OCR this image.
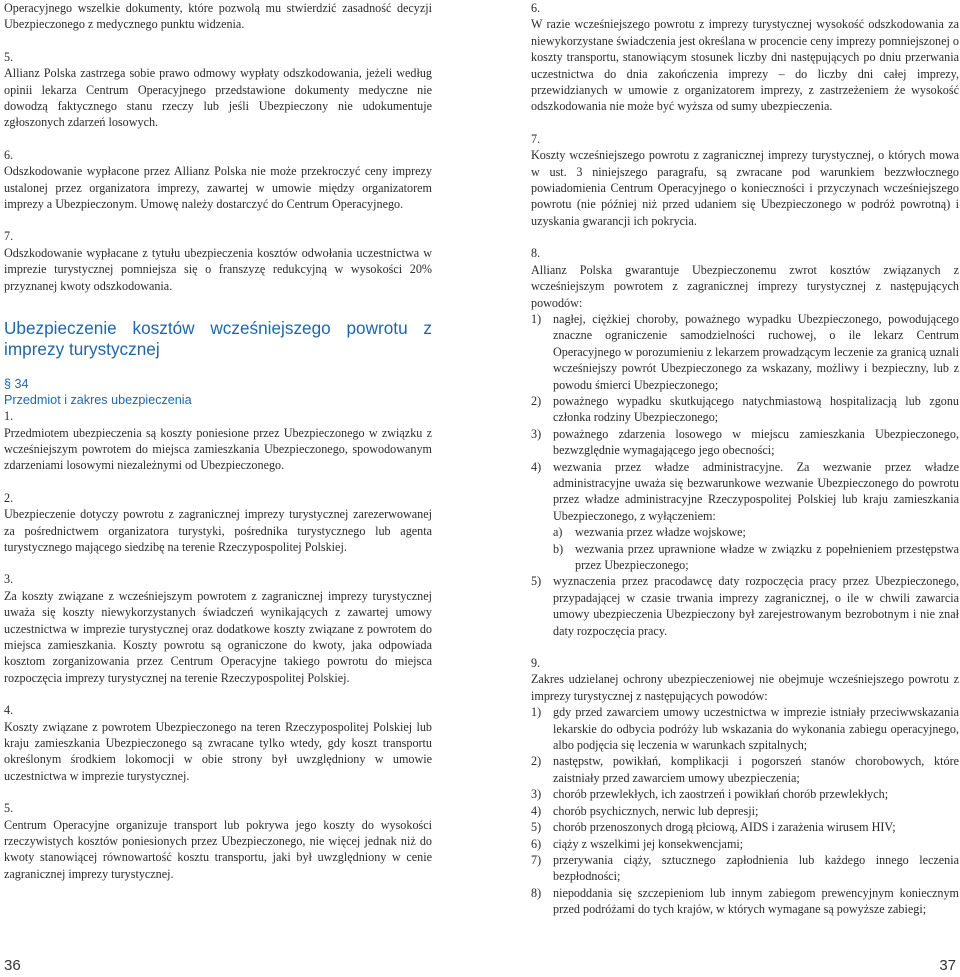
Operacyjnego wszelkie dokumenty, które pozwolą mu stwierdzić zasadność decyzji Ubezpieczonego z medycznego punktu widzenia.

5.

Allianz Polska zastrzega sobie prawo odmowy wypłaty odszkodowania, jeżeli według opinii lekarza Centrum Operacyjnego przedstawione dokumenty medyczne nie dowodzą faktycznego stanu rzeczy lub jeśli Ubezpieczony nie udokumentuje zgłoszonych zdarzeń losowych.

6.

Odszkodowanie wypłacone przez Allianz Polska nie może przekroczyć ceny imprezy ustalonej przez organizatora imprezy, zawartej w umowie między organizatorem imprezy a Ubezpieczonym. Umowę należy dostarczyć do Centrum Operacyjnego.

7.

Odszkodowanie wypłacane z tytułu ubezpieczenia kosztów odwołania uczestnictwa w imprezie turystycznej pomniejsza się o franszyzę redukcyjną w wysokości 20% przyznanej kwoty odszkodowania.

Ubezpieczenie kosztów wcześniejszego powrotu z imprezy turystycznej

§ 34

Przedmiot i zakres ubezpieczenia

1.

Przedmiotem ubezpieczenia są koszty poniesione przez Ubezpieczonego w związku z wcześniejszym powrotem do miejsca zamieszkania Ubezpieczonego, spowodowanym zdarzeniami losowymi niezależnymi od Ubezpieczonego.

2.

Ubezpieczenie dotyczy powrotu z zagranicznej imprezy turystycznej zarezerwowanej za pośrednictwem organizatora turystyki, pośrednika turystycznego lub agenta turystycznego mającego siedzibę na terenie Rzeczypospolitej Polskiej.

3.

Za koszty związane z wcześniejszym powrotem z zagranicznej imprezy turystycznej uważa się koszty niewykorzystanych świadczeń wynikających z zawartej umowy uczestnictwa w imprezie turystycznej oraz dodatkowe koszty związane z powrotem do miejsca zamieszkania. Koszty powrotu są ograniczone do kwoty, jaka odpowiada kosztom zorganizowania przez Centrum Operacyjne takiego powrotu do miejsca rozpoczęcia imprezy turystycznej na terenie Rzeczypospolitej Polskiej.

4.

Koszty związane z powrotem Ubezpieczonego na teren Rzeczypospolitej Polskiej lub kraju zamieszkania Ubezpieczonego są zwracane tylko wtedy, gdy koszt transportu określonym środkiem lokomocji w obie strony był uwzględniony w umowie uczestnictwa w imprezie turystycznej.

5.

Centrum Operacyjne organizuje transport lub pokrywa jego koszty do wysokości rzeczywistych kosztów poniesionych przez Ubezpieczonego, nie więcej jednak niż do kwoty stanowiącej równowartość kosztu transportu, jaki był uwzględniony w cenie zagranicznej imprezy turystycznej.

6.

W razie wcześniejszego powrotu z imprezy turystycznej wysokość odszkodowania za niewykorzystane świadczenia jest określana w procencie ceny imprezy pomniejszonej o koszty transportu, stanowiącym stosunek liczby dni następujących po dniu przerwania uczestnictwa do dnia zakończenia imprezy – do liczby dni całej imprezy, przewidzianych w umowie z organizatorem imprezy, z zastrzeżeniem że wysokość odszkodowania nie może być wyższa od sumy ubezpieczenia.

7.

Koszty wcześniejszego powrotu z zagranicznej imprezy turystycznej, o których mowa w ust. 3 niniejszego paragrafu, są zwracane pod warunkiem bezzwłocznego powiadomienia Centrum Operacyjnego o konieczności i przyczynach wcześniejszego powrotu (nie później niż przed udaniem się Ubezpieczonego w podróż powrotną) i uzyskania gwarancji ich pokrycia.

8.

Allianz Polska gwarantuje Ubezpieczonemu zwrot kosztów związanych z wcześniejszym powrotem z zagranicznej imprezy turystycznej z następujących powodów:

1) nagłej, ciężkiej choroby, poważnego wypadku Ubezpieczonego, powodującego znaczne ograniczenie samodzielności ruchowej, o ile lekarz Centrum Operacyjnego w porozumieniu z lekarzem prowadzącym leczenie za granicą uznali wcześniejszy powrót Ubezpieczonego za wskazany, możliwy i bezpieczny, lub z powodu śmierci Ubezpieczonego;
2) poważnego wypadku skutkującego natychmiastową hospitalizacją lub zgonu członka rodziny Ubezpieczonego;
3) poważnego zdarzenia losowego w miejscu zamieszkania Ubezpieczonego, bezwzględnie wymagającego jego obecności;
4) wezwania przez władze administracyjne. Za wezwanie przez władze administracyjne uważa się bezwarunkowe wezwanie Ubezpieczonego do powrotu przez władze administracyjne Rzeczypospolitej Polskiej lub kraju zamieszkania Ubezpieczonego, z wyłączeniem:
a) wezwania przez władze wojskowe;
b) wezwania przez uprawnione władze w związku z popełnieniem przestępstwa przez Ubezpieczonego;
5) wyznaczenia przez pracodawcę daty rozpoczęcia pracy przez Ubezpieczonego, przypadającej w czasie trwania imprezy zagranicznej, o ile w chwili zawarcia umowy ubezpieczenia Ubezpieczony był zarejestrowanym bezrobotnym i nie znał daty rozpoczęcia pracy.

9.

Zakres udzielanej ochrony ubezpieczeniowej nie obejmuje wcześniejszego powrotu z imprezy turystycznej z następujących powodów:

1) gdy przed zawarciem umowy uczestnictwa w imprezie istniały przeciwwskazania lekarskie do odbycia podróży lub wskazania do wykonania zabiegu operacyjnego, albo podjęcia się leczenia w warunkach szpitalnych;
2) następstw, powikłań, komplikacji i pogorszeń stanów chorobowych, które zaistniały przed zawarciem umowy ubezpieczenia;
3) chorób przewlekłych, ich zaostrzeń i powikłań chorób przewlekłych;
4) chorób psychicznych, nerwic lub depresji;
5) chorób przenoszonych drogą płciową, AIDS i zarażenia wirusem HIV;
6) ciąży z wszelkimi jej konsekwencjami;
7) przerywania ciąży, sztucznego zapłodnienia lub każdego innego leczenia bezpłodności;
8) niepoddania się szczepieniom lub innym zabiegom prewencyjnym koniecznym przed podróżami do tych krajów, w których wymagane są powyższe zabiegi;
36	37
